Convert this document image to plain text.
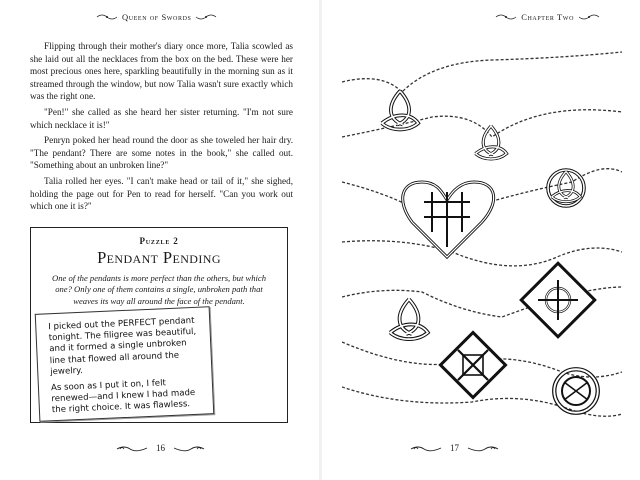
Queen of Swords

Flipping through their mother's diary once more, Talia scowled as she laid out all the necklaces from the box on the bed. These were her most precious ones here, sparkling beautifully in the morning sun as it streamed through the window, but now Talia wasn't sure exactly which was the right one.

"Pen!" she called as she heard her sister returning. "I'm not sure which necklace it is!"

Penryn poked her head round the door as she toweled her hair dry. "The pendant? There are some notes in the book," she called out. "Something about an unbroken line?"

Talia rolled her eyes. "I can't make head or tail of it," she sighed, holding the page out for Pen to read for herself. "Can you work out which one it is?"

Puzzle 2
Pendant Pending
One of the pendants is more perfect than the others, but which one? Only one of them contains a single, unbroken path that weaves its way all around the face of the pendant.

I picked out the PERFECT pendant tonight. The filigree was beautiful, and it formed a single unbroken line that flowed all around the jewelry.

As soon as I put it on, I felt renewed—and I knew I had made the right choice. It was flawless.

16
Chapter Two
17
